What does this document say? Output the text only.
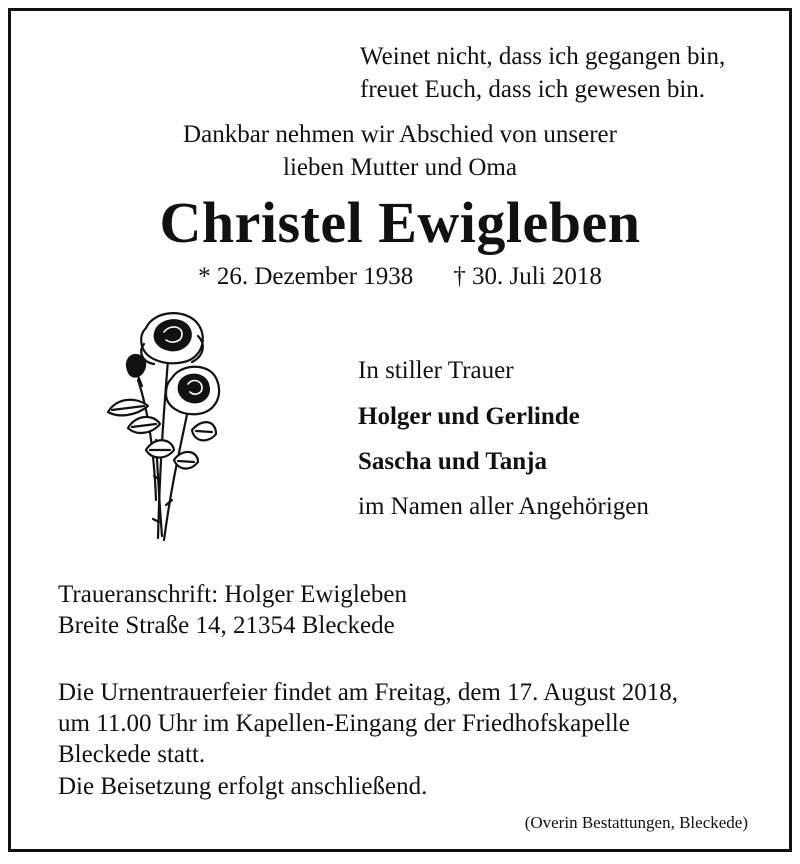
Weinet nicht, dass ich gegangen bin,
freuet Euch, dass ich gewesen bin.
Dankbar nehmen wir Abschied von unserer
lieben Mutter und Oma
Christel Ewigleben
* 26. Dezember 1938 † 30. Juli 2018
In stiller Trauer
Holger und Gerlinde
Sascha und Tanja
im Namen aller Angehörigen
Traueranschrift: Holger Ewigleben
Breite Straße 14, 21354 Bleckede
Die Urnentrauerfeier findet am Freitag, dem 17. August 2018,
um 11.00 Uhr im Kapellen-Eingang der Friedhofskapelle
Bleckede statt.
Die Beisetzung erfolgt anschließend.
(Overin Bestattungen, Bleckede)
